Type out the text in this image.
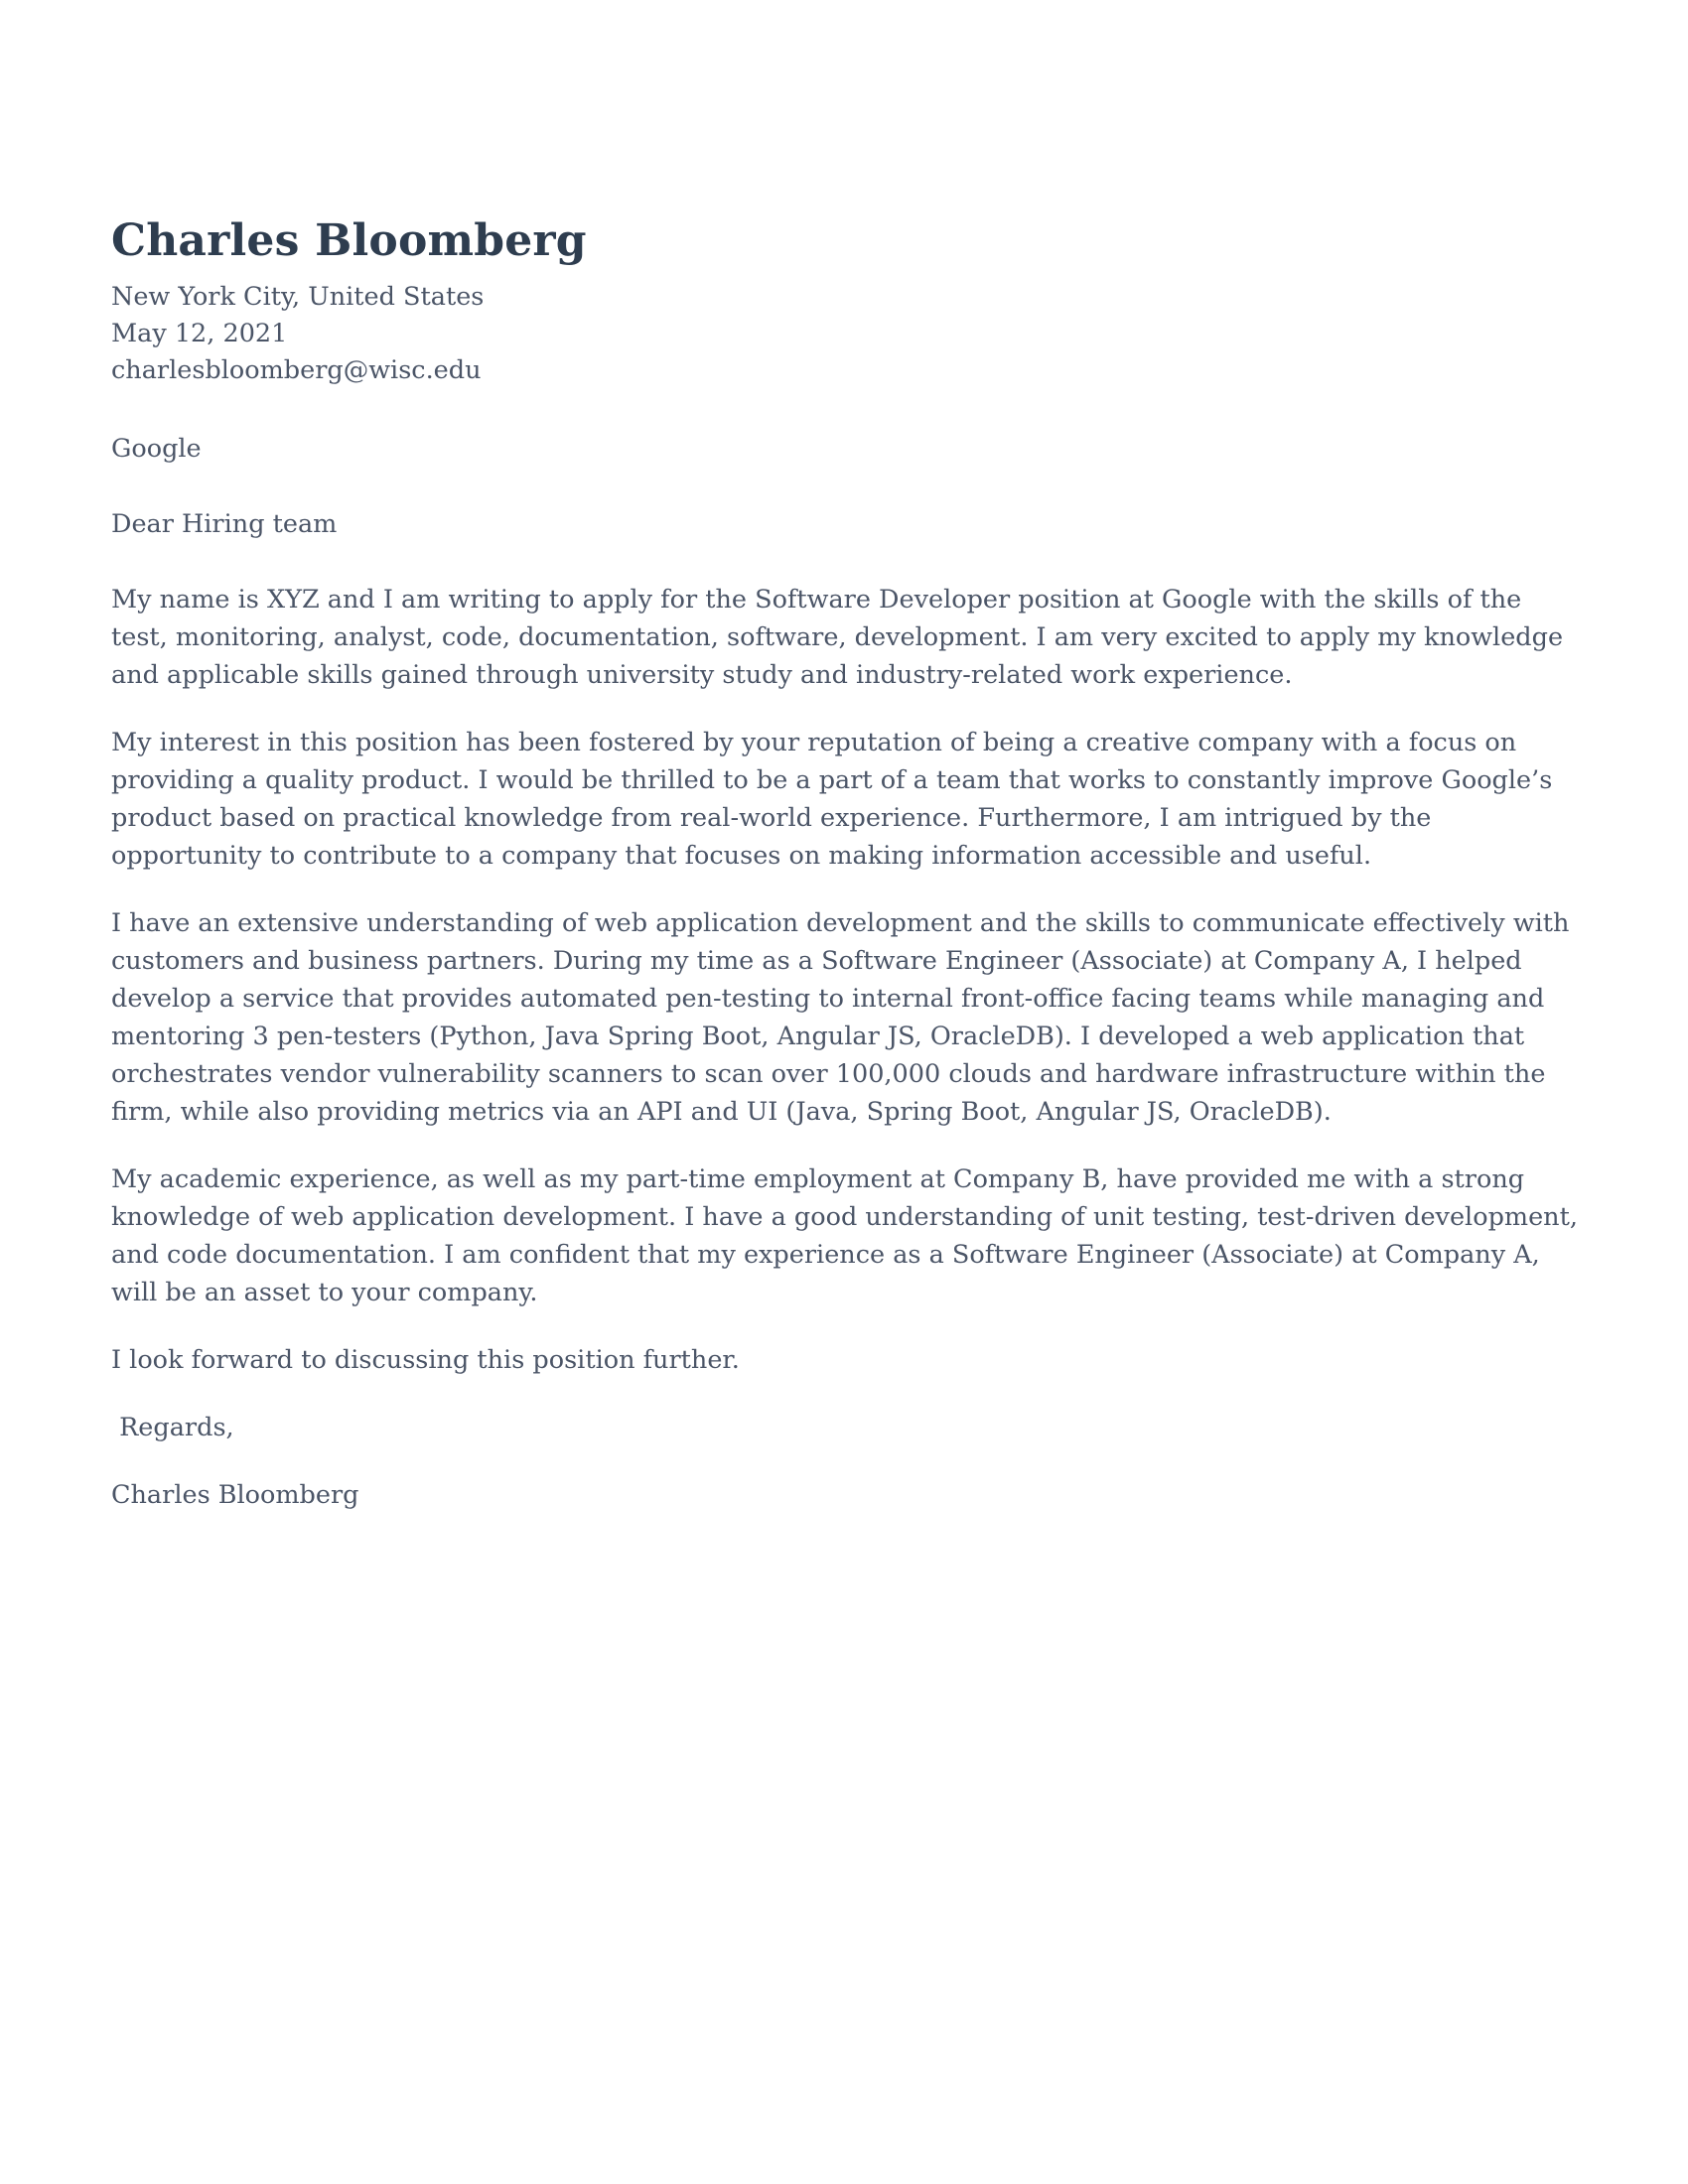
Charles Bloomberg
New York City, United States
May 12, 2021
charlesbloomberg@wisc.edu

Google

Dear Hiring team

My name is XYZ and I am writing to apply for the Software Developer position at Google with the skills of the test, monitoring, analyst, code, documentation, software, development. I am very excited to apply my knowledge and applicable skills gained through university study and industry-related work experience.

My interest in this position has been fostered by your reputation of being a creative company with a focus on providing a quality product. I would be thrilled to be a part of a team that works to constantly improve Google’s product based on practical knowledge from real-world experience. Furthermore, I am intrigued by the opportunity to contribute to a company that focuses on making information accessible and useful.

I have an extensive understanding of web application development and the skills to communicate effectively with customers and business partners. During my time as a Software Engineer (Associate) at Company A, I helped develop a service that provides automated pen-testing to internal front-office facing teams while managing and mentoring 3 pen-testers (Python, Java Spring Boot, Angular JS, OracleDB). I developed a web application that orchestrates vendor vulnerability scanners to scan over 100,000 clouds and hardware infrastructure within the firm, while also providing metrics via an API and UI (Java, Spring Boot, Angular JS, OracleDB).

My academic experience, as well as my part-time employment at Company B, have provided me with a strong knowledge of web application development. I have a good understanding of unit testing, test-driven development, and code documentation. I am confident that my experience as a Software Engineer (Associate) at Company A, will be an asset to your company.

I look forward to discussing this position further.

Regards,

Charles Bloomberg
